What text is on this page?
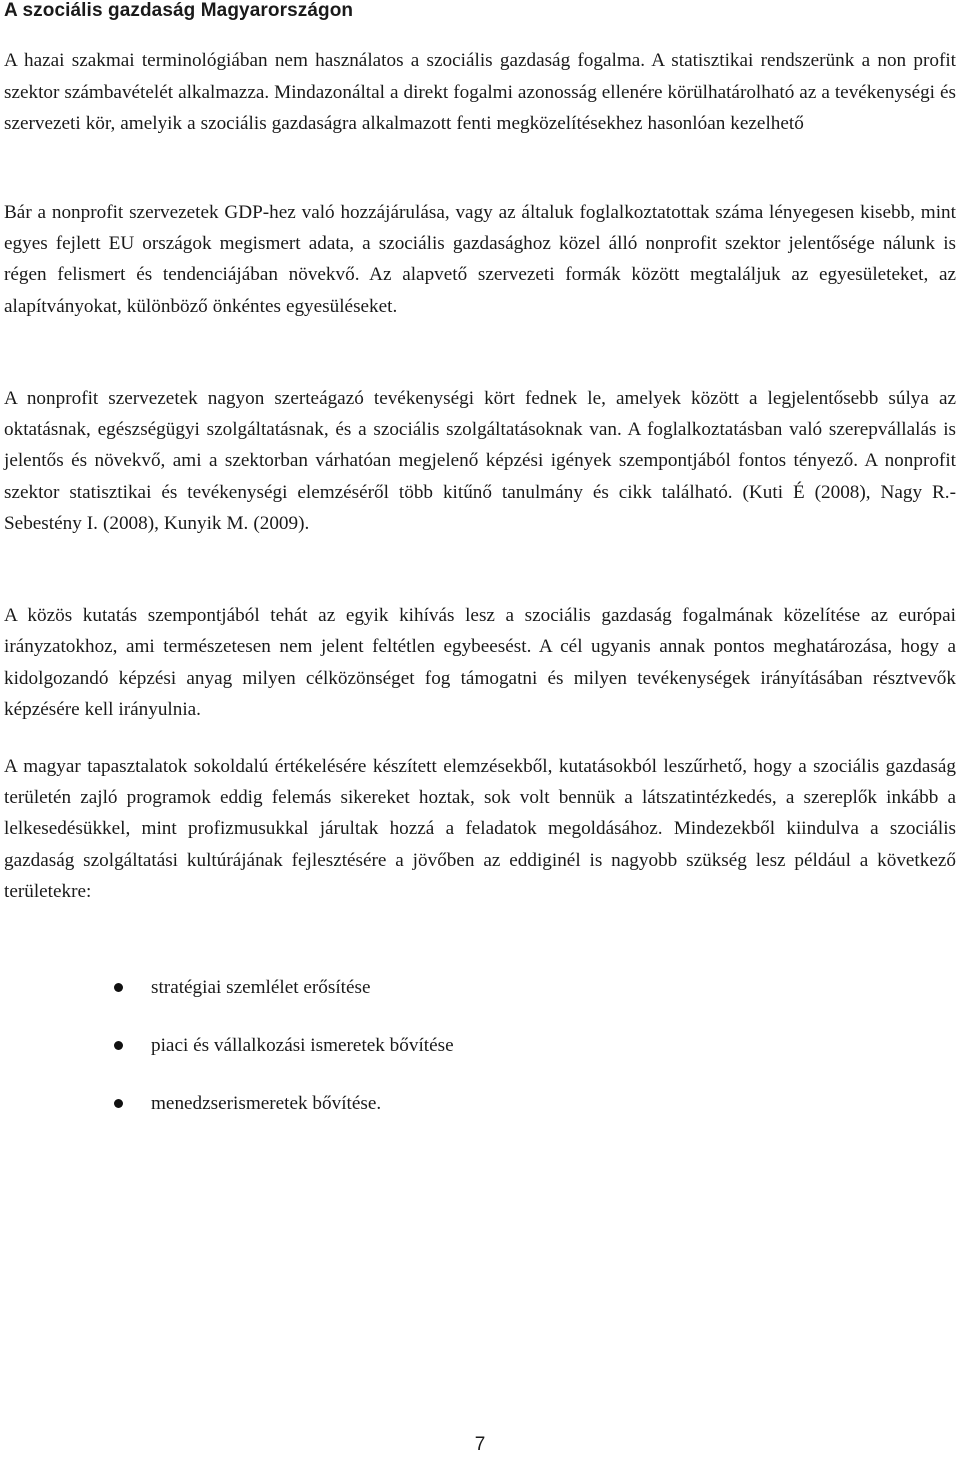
A szociális gazdaság Magyarországon

A hazai szakmai terminológiában nem használatos a szociális gazdaság fogalma. A statisztikai rendszerünk a non profit szektor számbavételét alkalmazza. Mindazonáltal a direkt fogalmi azonosság ellenére körülhatárolható az a tevékenységi és szervezeti kör, amelyik a szociális gazdaságra alkalmazott fenti megközelítésekhez hasonlóan kezelhető

Bár a nonprofit szervezetek GDP-hez való hozzájárulása, vagy az általuk foglalkoztatottak száma lényegesen kisebb, mint egyes fejlett EU országok megismert adata, a szociális gazdasághoz közel álló nonprofit szektor jelentősége nálunk is régen felismert és tendenciájában növekvő. Az alapvető szervezeti formák között megtaláljuk az egyesületeket, az alapítványokat, különböző önkéntes egyesüléseket.

A nonprofit szervezetek nagyon szerteágazó tevékenységi kört fednek le, amelyek között a legjelentősebb súlya az oktatásnak, egészségügyi szolgáltatásnak, és a szociális szolgáltatásoknak van. A foglalkoztatásban való szerepvállalás is jelentős és növekvő, ami a szektorban várhatóan megjelenő képzési igények szempontjából fontos tényező. A nonprofit szektor statisztikai és tevékenységi elemzéséről több kitűnő tanulmány és cikk található. (Kuti É (2008), Nagy R.-Sebestény I. (2008), Kunyik M. (2009).

A közös kutatás szempontjából tehát az egyik kihívás lesz a szociális gazdaság fogalmának közelítése az európai irányzatokhoz, ami természetesen nem jelent feltétlen egybeesést. A cél ugyanis annak pontos meghatározása, hogy a kidolgozandó képzési anyag milyen célközönséget fog támogatni és milyen tevékenységek irányításában résztvevők képzésére kell irányulnia.

A magyar tapasztalatok sokoldalú értékelésére készített elemzésekből, kutatásokból leszűrhető, hogy a szociális gazdaság területén zajló programok eddig felemás sikereket hoztak, sok volt bennük a látszatintézkedés, a szereplők inkább a lelkesedésükkel, mint profizmusukkal járultak hozzá a feladatok megoldásához. Mindezekből kiindulva a szociális gazdaság szolgáltatási kultúrájának fejlesztésére a jövőben az eddiginél is nagyobb szükség lesz például a következő területekre:

stratégiai szemlélet erősítése
piaci és vállalkozási ismeretek bővítése
menedzserismeretek bővítése.

7
